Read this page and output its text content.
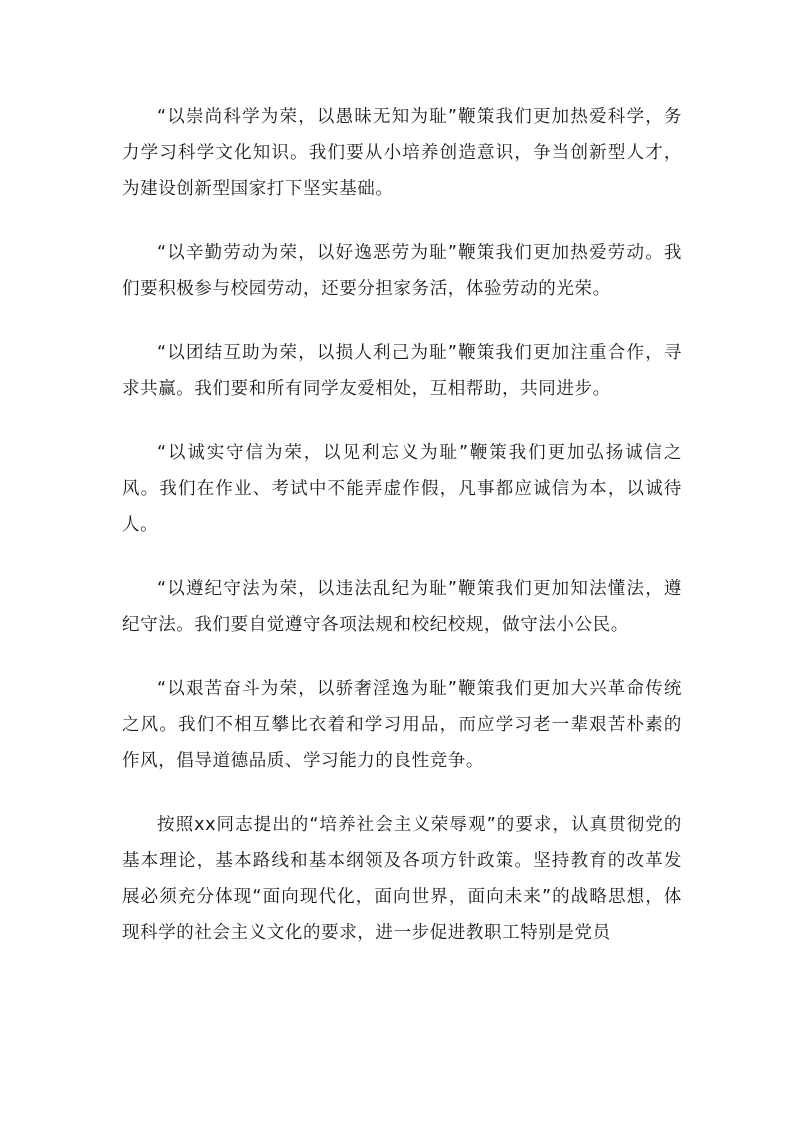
“以崇尚科学为荣，以愚昧无知为耻”鞭策我们更加热爱科学，务力学习科学文化知识。我们要从小培养创造意识，争当创新型人才，为建设创新型国家打下坚实基础。

“以辛勤劳动为荣，以好逸恶劳为耻”鞭策我们更加热爱劳动。我们要积极参与校园劳动，还要分担家务活，体验劳动的光荣。

“以团结互助为荣，以损人利己为耻”鞭策我们更加注重合作，寻求共赢。我们要和所有同学友爱相处，互相帮助，共同进步。

“以诚实守信为荣，以见利忘义为耻”鞭策我们更加弘扬诚信之风。我们在作业、考试中不能弄虚作假，凡事都应诚信为本，以诚待人。

“以遵纪守法为荣，以违法乱纪为耻”鞭策我们更加知法懂法，遵纪守法。我们要自觉遵守各项法规和校纪校规，做守法小公民。

“以艰苦奋斗为荣，以骄奢淫逸为耻”鞭策我们更加大兴革命传统之风。我们不相互攀比衣着和学习用品，而应学习老一辈艰苦朴素的作风，倡导道德品质、学习能力的良性竞争。

按照xx同志提出的“培养社会主义荣辱观”的要求，认真贯彻党的基本理论，基本路线和基本纲领及各项方针政策。坚持教育的改革发展必须充分体现“面向现代化，面向世界，面向未来”的战略思想，体现科学的社会主义文化的要求，进一步促进教职工特别是党员
